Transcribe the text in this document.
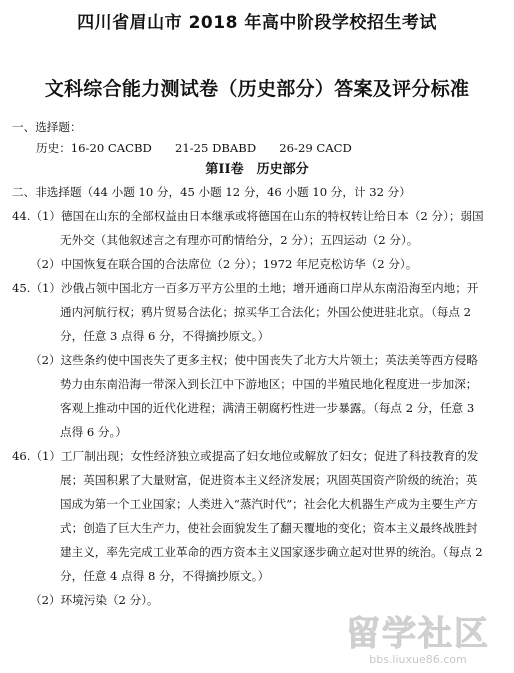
四川省眉山市 2018 年高中阶段学校招生考试
文科综合能力测试卷（历史部分）答案及评分标准
一、选择题：
历史：16-20 CACBD　　21-25 DBABD　　26-29 CACD
第II卷　历史部分
二、非选择题（44 小题 10 分，45 小题 12 分，46 小题 10 分，计 32 分）
44.（1）德国在山东的全部权益由日本继承或将德国在山东的特权转让给日本（2 分）；弱国
无外交（其他叙述言之有理亦可酌情给分，2 分）；五四运动（2 分）。
（2）中国恢复在联合国的合法席位（2 分）；1972 年尼克松访华（2 分）。
45.（1）沙俄占领中国北方一百多万平方公里的土地；增开通商口岸从东南沿海至内地；开
通内河航行权；鸦片贸易合法化；掠买华工合法化；外国公使进驻北京。（每点 2
分，任意 3 点得 6 分，不得摘抄原文。）
（2）这些条约使中国丧失了更多主权；使中国丧失了北方大片领土；英法美等西方侵略
势力由东南沿海一带深入到长江中下游地区；中国的半殖民地化程度进一步加深；
客观上推动中国的近代化进程；满清王朝腐朽性进一步暴露。（每点 2 分，任意 3
点得 6 分。）
46.（1）工厂制出现；女性经济独立或提高了妇女地位或解放了妇女；促进了科技教育的发
展；英国积累了大量财富，促进资本主义经济发展；巩固英国资产阶级的统治；英
国成为第一个工业国家；人类进入“蒸汽时代”；社会化大机器生产成为主要生产方
式；创造了巨大生产力，使社会面貌发生了翻天覆地的变化；资本主义最终战胜封
建主义，率先完成工业革命的西方资本主义国家逐步确立起对世界的统治。（每点 2
分，任意 4 点得 8 分，不得摘抄原文。）
（2）环境污染（2 分）。
留学社区
bbs.liuxue86.com
